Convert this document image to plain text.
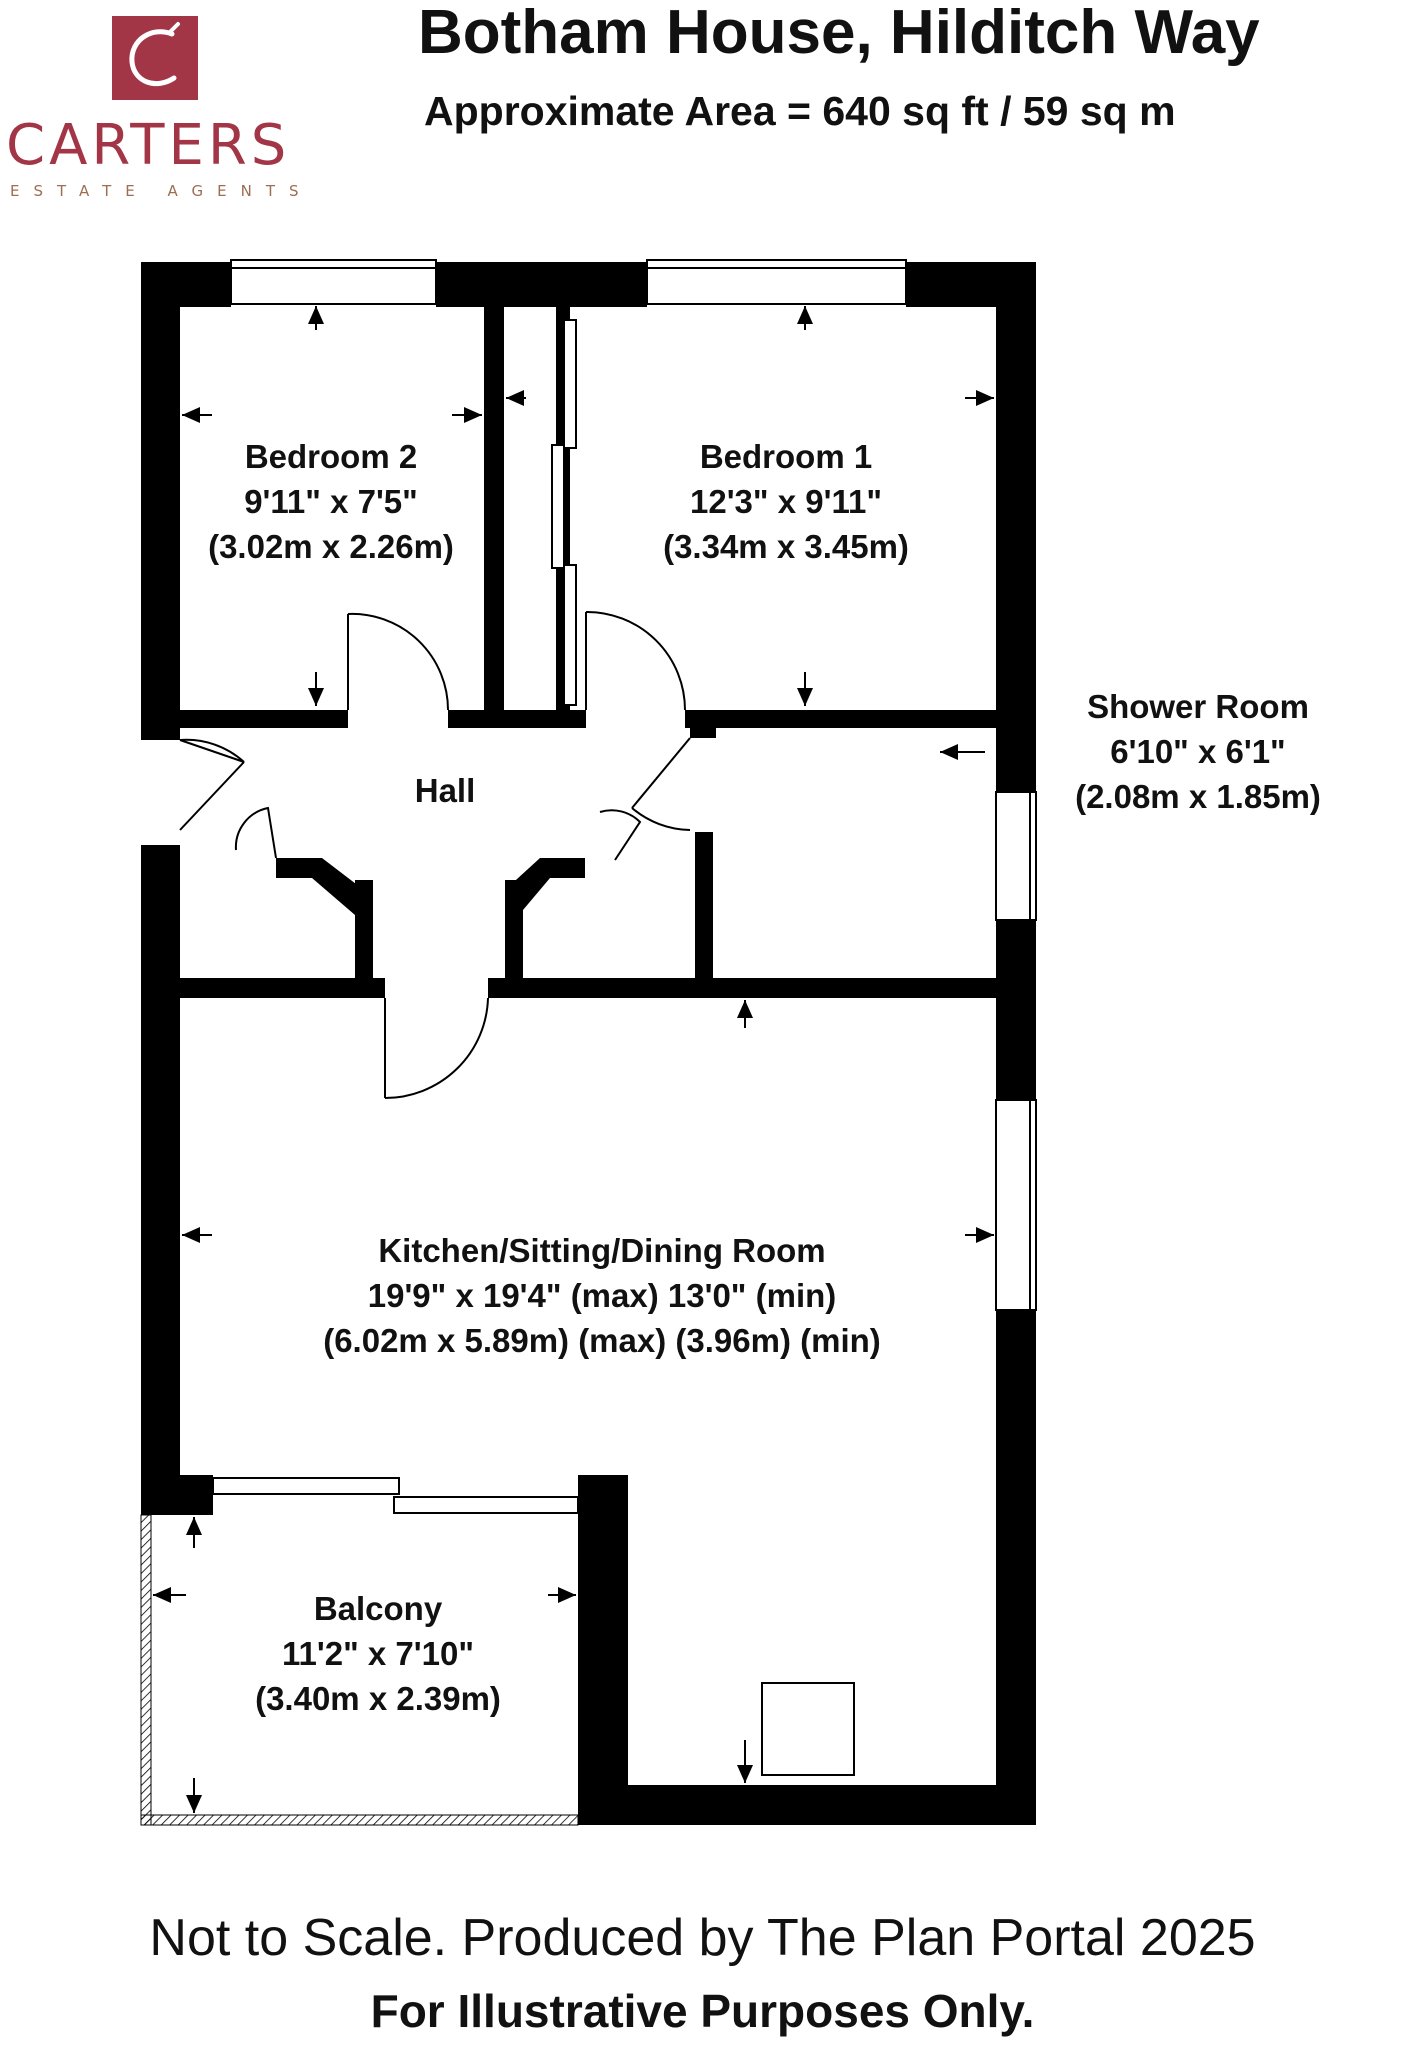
CARTERS
ESTATE AGENTS
Botham House, Hilditch Way
Approximate Area = 640 sq ft / 59 sq m
Bedroom 2
9'11" x 7'5"
(3.02m x 2.26m)
Bedroom 1
12'3" x 9'11"
(3.34m x 3.45m)
Shower Room
6'10" x 6'1"
(2.08m x 1.85m)
Hall
Kitchen/Sitting/Dining Room
19'9" x 19'4" (max) 13'0" (min)
(6.02m x 5.89m) (max) (3.96m) (min)
Balcony
11'2" x 7'10"
(3.40m x 2.39m)
Not to Scale. Produced by The Plan Portal 2025
For Illustrative Purposes Only.
